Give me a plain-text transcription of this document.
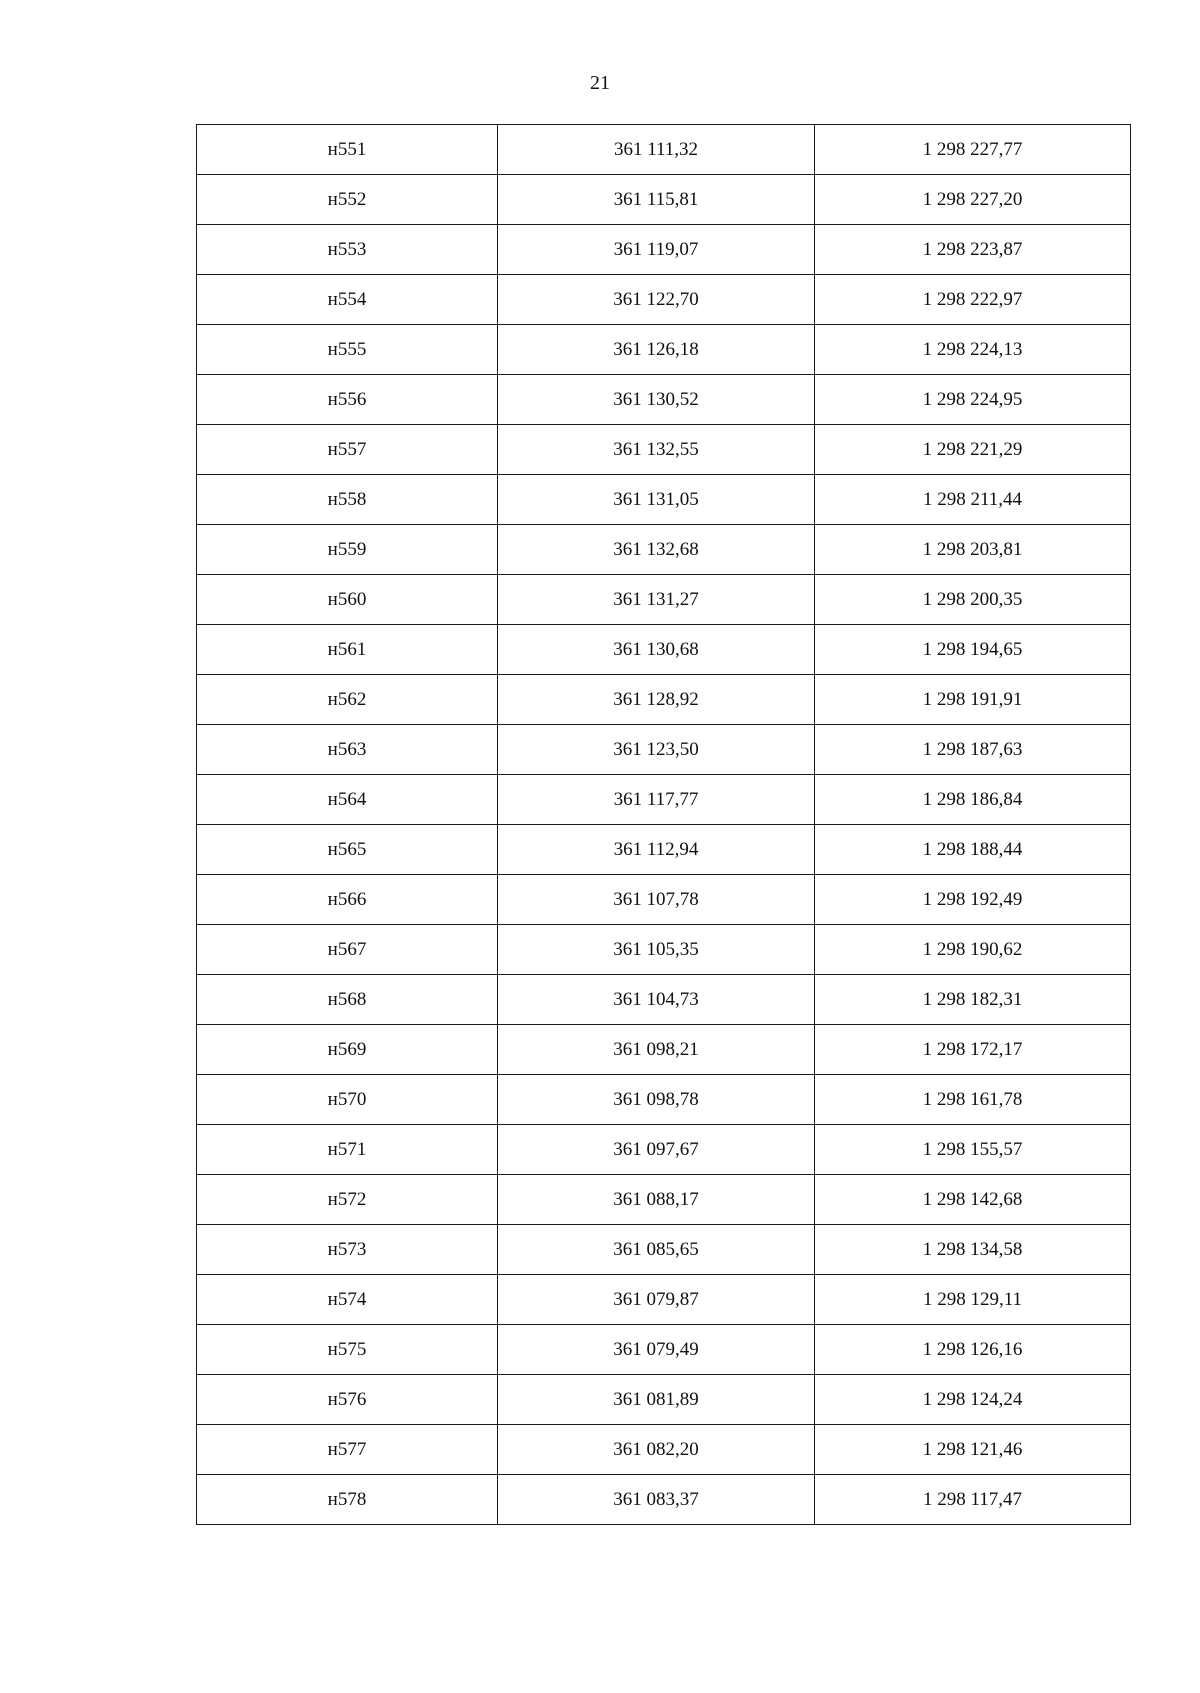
21
н551	361 111,32	1 298 227,77
н552	361 115,81	1 298 227,20
н553	361 119,07	1 298 223,87
н554	361 122,70	1 298 222,97
н555	361 126,18	1 298 224,13
н556	361 130,52	1 298 224,95
н557	361 132,55	1 298 221,29
н558	361 131,05	1 298 211,44
н559	361 132,68	1 298 203,81
н560	361 131,27	1 298 200,35
н561	361 130,68	1 298 194,65
н562	361 128,92	1 298 191,91
н563	361 123,50	1 298 187,63
н564	361 117,77	1 298 186,84
н565	361 112,94	1 298 188,44
н566	361 107,78	1 298 192,49
н567	361 105,35	1 298 190,62
н568	361 104,73	1 298 182,31
н569	361 098,21	1 298 172,17
н570	361 098,78	1 298 161,78
н571	361 097,67	1 298 155,57
н572	361 088,17	1 298 142,68
н573	361 085,65	1 298 134,58
н574	361 079,87	1 298 129,11
н575	361 079,49	1 298 126,16
н576	361 081,89	1 298 124,24
н577	361 082,20	1 298 121,46
н578	361 083,37	1 298 117,47
